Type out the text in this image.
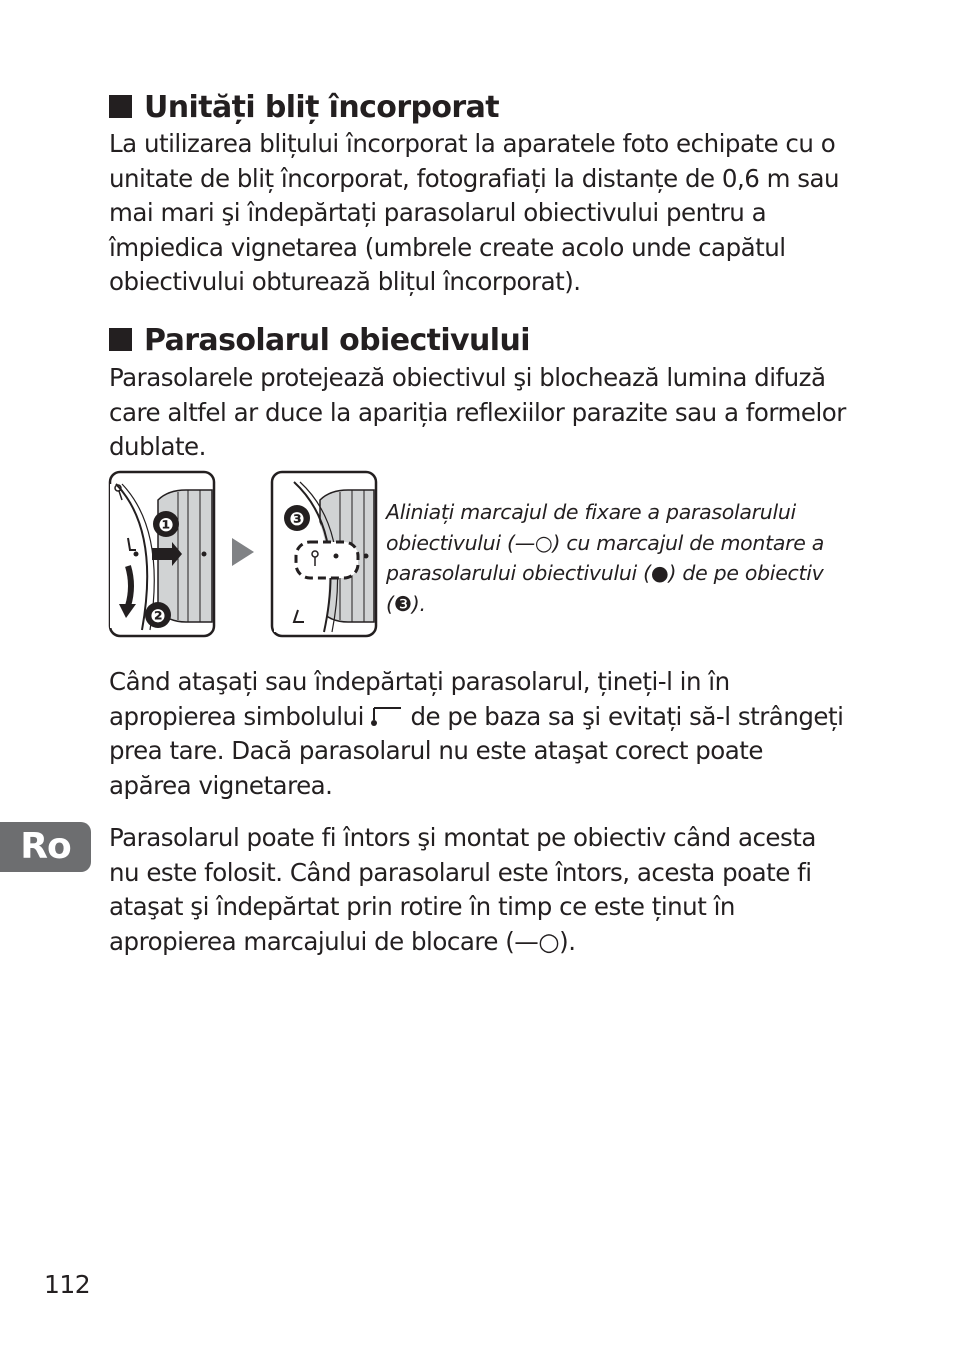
Unități bliț încorporat
La utilizarea blițului încorporat la aparatele foto echipate cu o
unitate de bliț încorporat, fotografiați la distanțe de 0,6 m sau
mai mari şi îndepărtați parasolarul obiectivului pentru a
împiedica vignetarea (umbrele create acolo unde capătul
obiectivului obturează blițul încorporat).
Parasolarul obiectivului
Parasolarele protejează obiectivul şi blochează lumina difuză
care altfel ar duce la apariția reflexiilor parazite sau a formelor
dublate.
❶
❷
❸	Aliniați marcajul de fixare a parasolarului
obiectivului (—○) cu marcajul de montare a
parasolarului obiectivului (●) de pe obiectiv
(❸).
Când ataşați sau îndepărtați parasolarul, țineți-l in în
apropierea simbolului  de pe baza sa şi evitați să-l strângeți
prea tare. Dacă parasolarul nu este ataşat corect poate
apărea vignetarea.
Parasolarul poate fi întors şi montat pe obiectiv când acesta
nu este folosit. Când parasolarul este întors, acesta poate fi
ataşat şi îndepărtat prin rotire în timp ce este ținut în
apropierea marcajului de blocare (—○).
Ro
112
